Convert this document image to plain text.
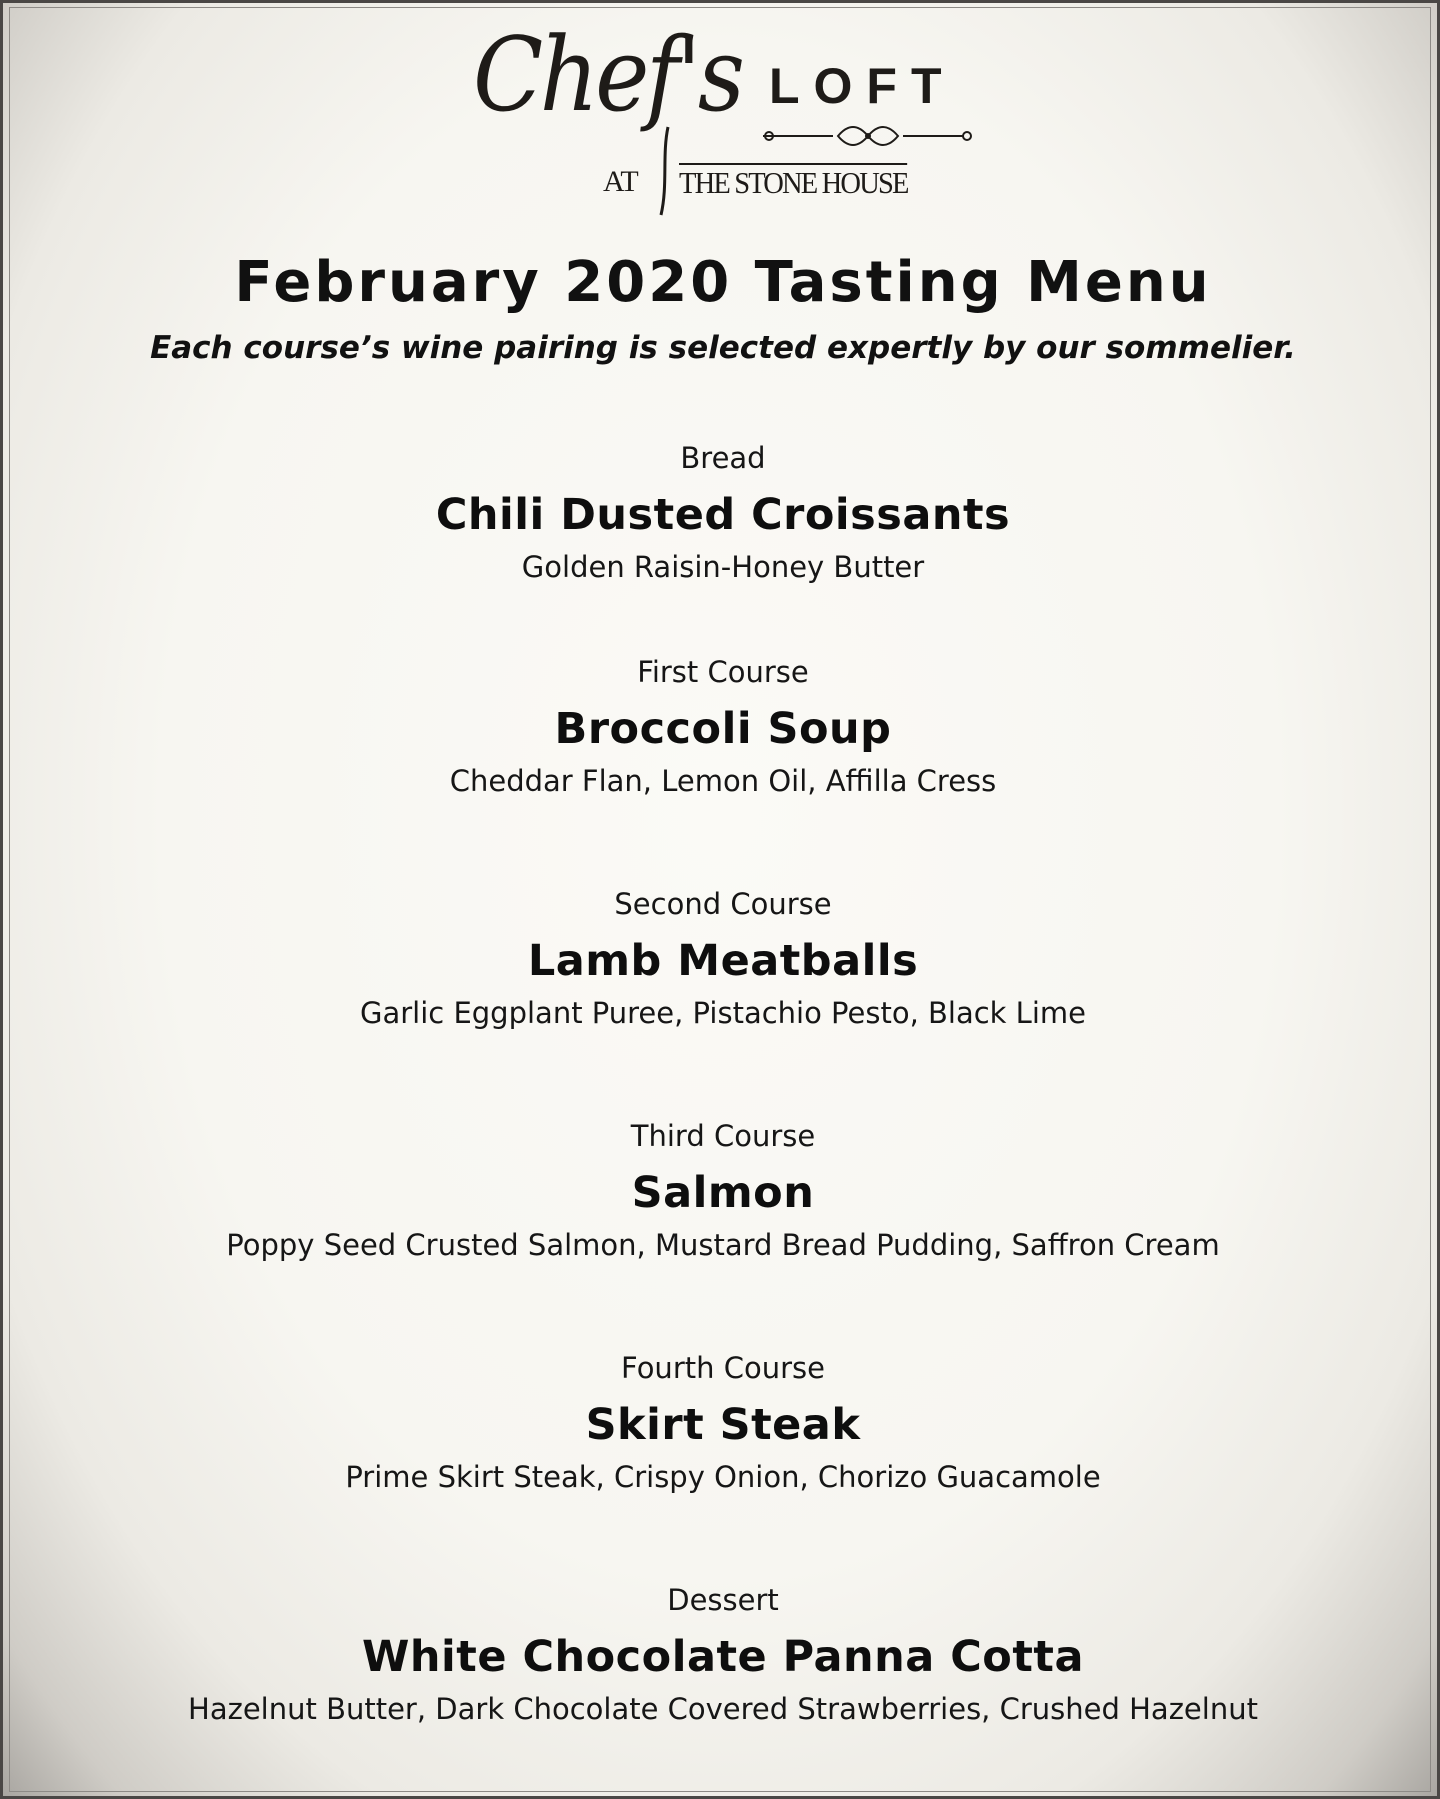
Chef's LOFT
AT THE STONE HOUSE
February 2020 Tasting Menu
Each course’s wine pairing is selected expertly by our sommelier.
Bread
Chili Dusted Croissants
Golden Raisin-Honey Butter
First Course
Broccoli Soup
Cheddar Flan, Lemon Oil, Affilla Cress
Second Course
Lamb Meatballs
Garlic Eggplant Puree, Pistachio Pesto, Black Lime
Third Course
Salmon
Poppy Seed Crusted Salmon, Mustard Bread Pudding, Saffron Cream
Fourth Course
Skirt Steak
Prime Skirt Steak, Crispy Onion, Chorizo Guacamole
Dessert
White Chocolate Panna Cotta
Hazelnut Butter, Dark Chocolate Covered Strawberries, Crushed Hazelnut
